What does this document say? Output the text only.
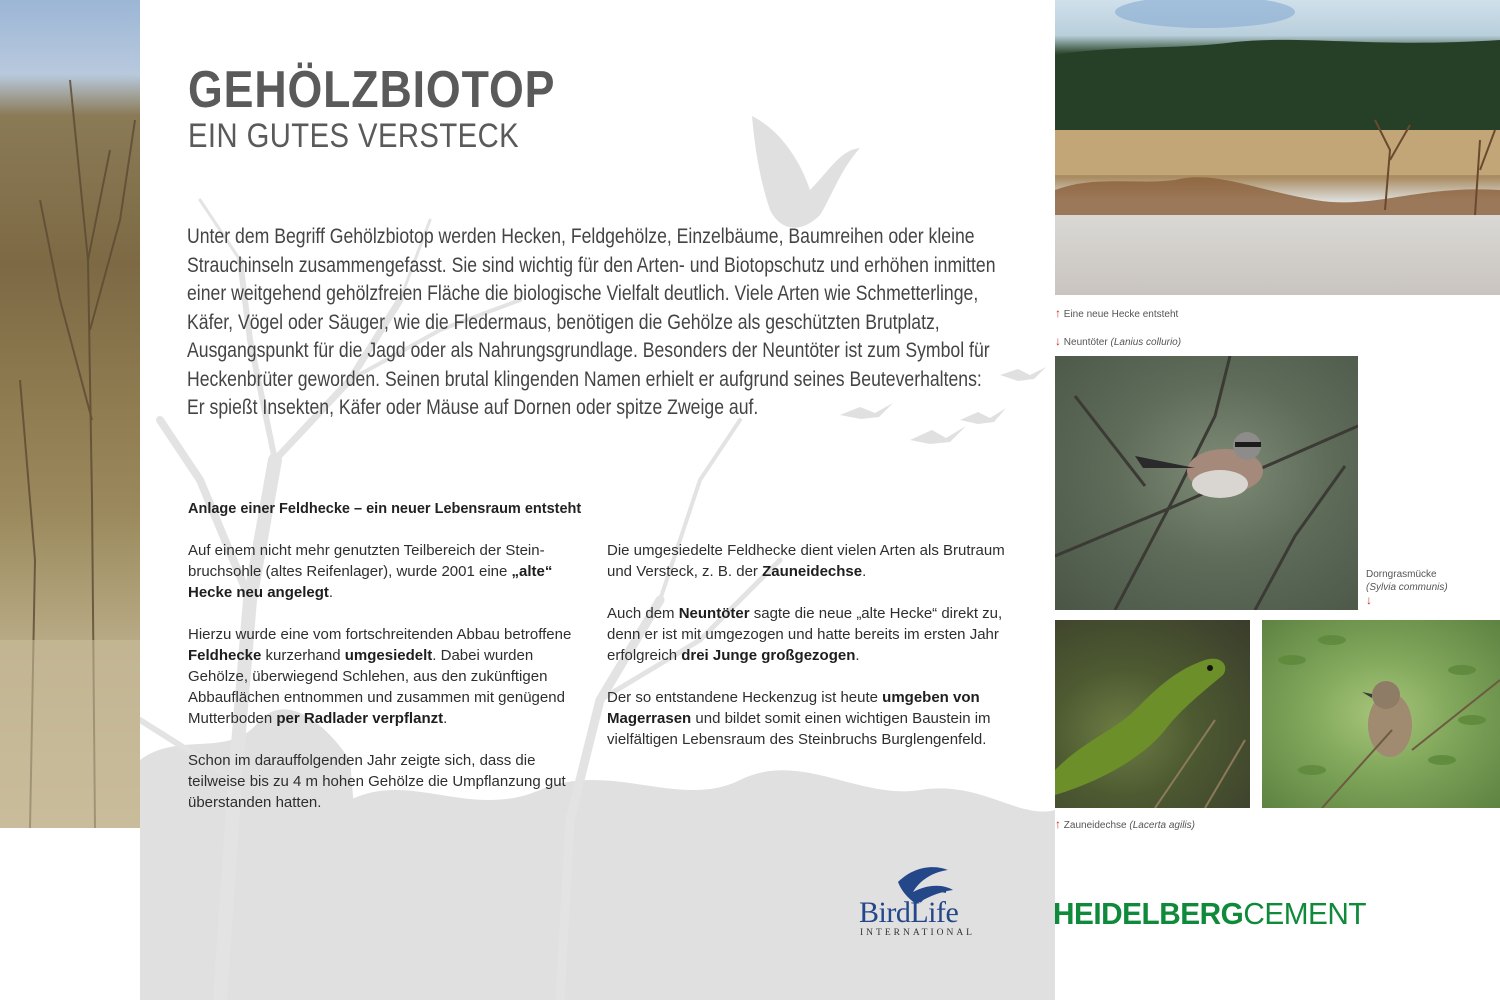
GEHÖLZBIOTOP
EIN GUTES VERSTECK
Unter dem Begriff Gehölzbiotop werden Hecken, Feldgehölze, Einzelbäume, Baumreihen oder kleine Strauchinseln zusammengefasst. Sie sind wichtig für den Arten- und Biotopschutz und erhöhen inmitten einer weitgehend gehölzfreien Fläche die biologische Vielfalt deutlich. Viele Arten wie Schmetterlinge, Käfer, Vögel oder Säuger, wie die Fledermaus, benötigen die Gehölze als geschützten Brutplatz, Ausgangspunkt für die Jagd oder als Nahrungsgrundlage. Besonders der Neuntöter ist zum Symbol für Heckenbrüter geworden. Seinen brutal klingenden Namen erhielt er aufgrund seines Beuteverhaltens: Er spießt Insekten, Käfer oder Mäuse auf Dornen oder spitze Zweige auf.
Anlage einer Feldhecke – ein neuer Lebensraum entsteht

Auf einem nicht mehr genutzten Teilbereich der Steinbruchsohle (altes Reifenlager), wurde 2001 eine „alte“ Hecke neu angelegt.

Hierzu wurde eine vom fortschreitenden Abbau betroffene Feldhecke kurzerhand umgesiedelt. Dabei wurden Gehölze, überwiegend Schlehen, aus den zukünftigen Abbauflächen entnommen und zusammen mit genügend Mutterboden per Radlader verpflanzt.

Schon im darauffolgenden Jahr zeigte sich, dass die teilweise bis zu 4 m hohen Gehölze die Umpflanzung gut überstanden hatten.

Die umgesiedelte Feldhecke dient vielen Arten als Brutraum und Versteck, z. B. der Zauneidechse.

Auch dem Neuntöter sagte die neue „alte Hecke“ direkt zu, denn er ist mit umgezogen und hatte bereits im ersten Jahr erfolgreich drei Junge großgezogen.

Der so entstandene Heckenzug ist heute umgeben von Magerrasen und bildet somit einen wichtigen Baustein im vielfältigen Lebensraum des Steinbruchs Burglengenfeld.

↑ Eine neue Hecke entsteht
↓ Neuntöter (Lanius collurio)
Dorngrasmücke
(Sylvia communis)
↓
↑ Zauneidechse (Lacerta agilis)
BirdLife
INTERNATIONAL
HEIDELBERGCEMENT
